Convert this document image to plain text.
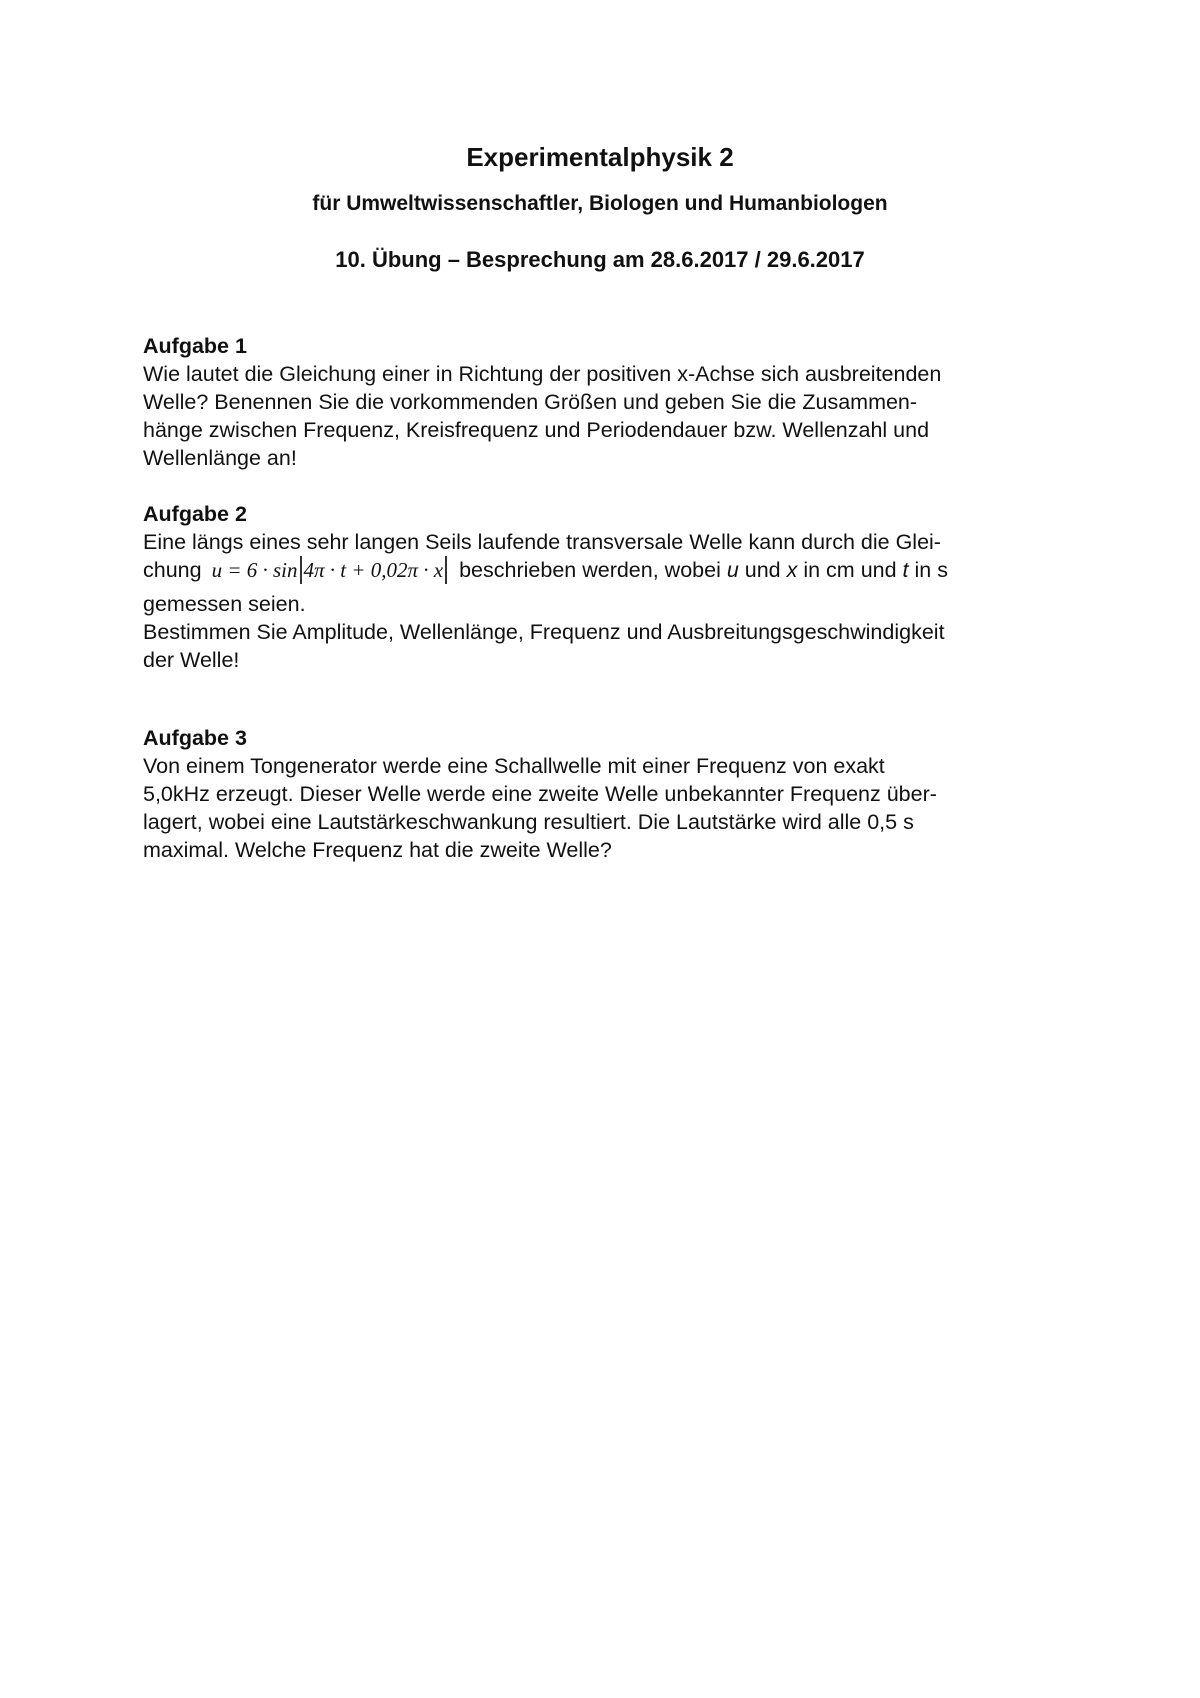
Experimentalphysik 2
für Umweltwissenschaftler, Biologen und Humanbiologen
10. Übung – Besprechung am 28.6.2017 / 29.6.2017
Aufgabe 1
Wie lautet die Gleichung einer in Richtung der positiven x-Achse sich ausbreitenden
Welle? Benennen Sie die vorkommenden Größen und geben Sie die Zusammen-
hänge zwischen Frequenz, Kreisfrequenz und Periodendauer bzw. Wellenzahl und
Wellenlänge an!
Aufgabe 2
Eine längs eines sehr langen Seils laufende transversale Welle kann durch die Glei-
chung u = 6 · sin 4π · t + 0,02π · x beschrieben werden, wobei u und x in cm und t in s
gemessen seien.
Bestimmen Sie Amplitude, Wellenlänge, Frequenz und Ausbreitungsgeschwindigkeit
der Welle!
Aufgabe 3
Von einem Tongenerator werde eine Schallwelle mit einer Frequenz von exakt
5,0kHz erzeugt. Dieser Welle werde eine zweite Welle unbekannter Frequenz über-
lagert, wobei eine Lautstärkeschwankung resultiert. Die Lautstärke wird alle 0,5 s
maximal. Welche Frequenz hat die zweite Welle?
